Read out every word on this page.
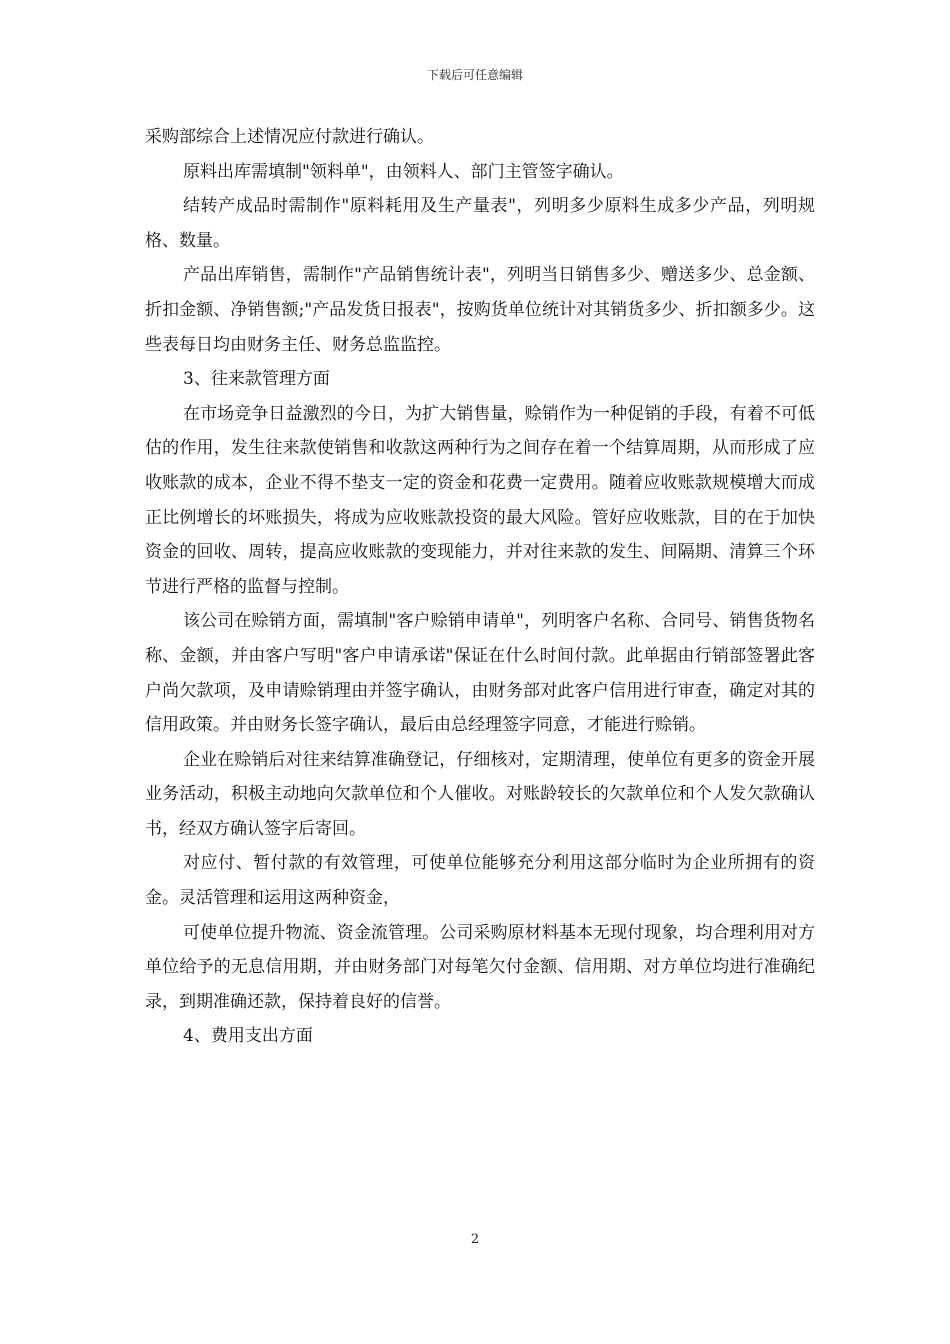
下载后可任意编辑

采购部综合上述情况应付款进行确认。

原料出库需填制"领料单"，由领料人、部门主管签字确认。

结转产成品时需制作"原料耗用及生产量表"，列明多少原料生成多少产品，列明规格、数量。

产品出库销售，需制作"产品销售统计表"，列明当日销售多少、赠送多少、总金额、折扣金额、净销售额;"产品发货日报表"，按购货单位统计对其销货多少、折扣额多少。这些表每日均由财务主任、财务总监监控。

3、往来款管理方面

在市场竞争日益激烈的今日，为扩大销售量，赊销作为一种促销的手段，有着不可低估的作用，发生往来款使销售和收款这两种行为之间存在着一个结算周期，从而形成了应收账款的成本，企业不得不垫支一定的资金和花费一定费用。随着应收账款规模增大而成正比例增长的坏账损失，将成为应收账款投资的最大风险。管好应收账款，目的在于加快资金的回收、周转，提高应收账款的变现能力，并对往来款的发生、间隔期、清算三个环节进行严格的监督与控制。

该公司在赊销方面，需填制"客户赊销申请单"，列明客户名称、合同号、销售货物名称、金额，并由客户写明"客户申请承诺"保证在什么时间付款。此单据由行销部签署此客户尚欠款项，及申请赊销理由并签字确认，由财务部对此客户信用进行审查，确定对其的信用政策。并由财务长签字确认，最后由总经理签字同意，才能进行赊销。

企业在赊销后对往来结算准确登记，仔细核对，定期清理，使单位有更多的资金开展业务活动，积极主动地向欠款单位和个人催收。对账龄较长的欠款单位和个人发欠款确认书，经双方确认签字后寄回。

对应付、暂付款的有效管理，可使单位能够充分利用这部分临时为企业所拥有的资金。灵活管理和运用这两种资金，

可使单位提升物流、资金流管理。公司采购原材料基本无现付现象，均合理利用对方单位给予的无息信用期，并由财务部门对每笔欠付金额、信用期、对方单位均进行准确纪录，到期准确还款，保持着良好的信誉。

4、费用支出方面

2
